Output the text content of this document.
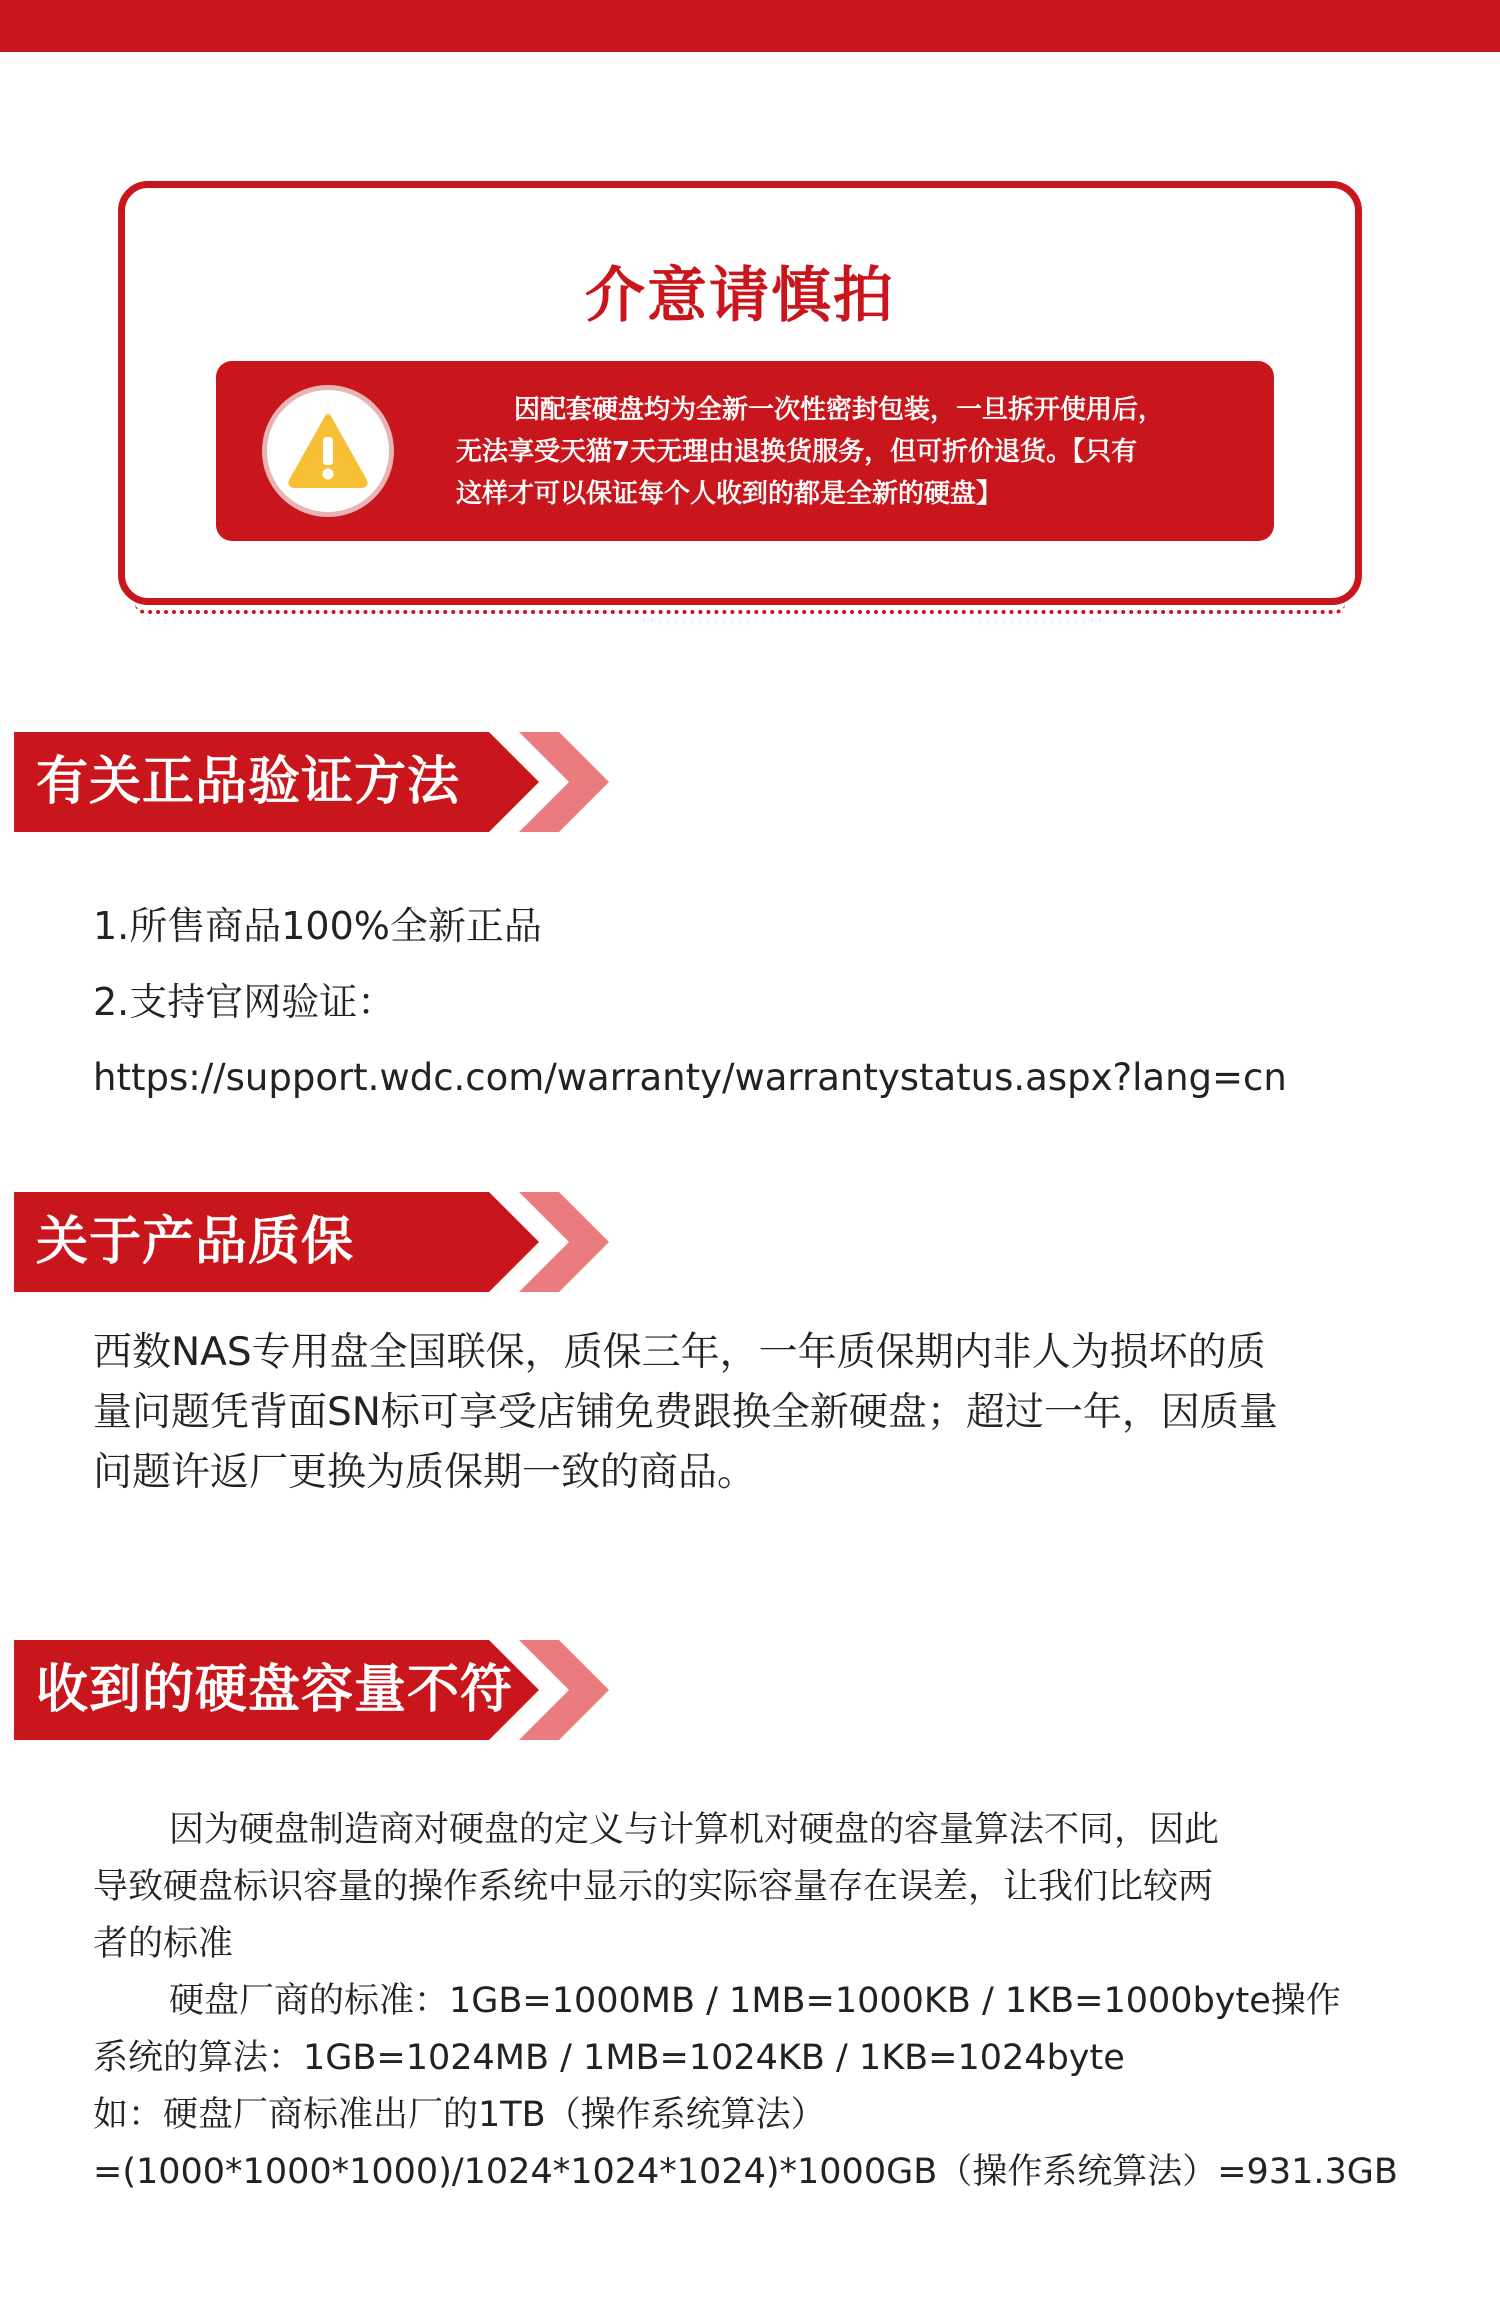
介意请慎拍

因配套硬盘均为全新一次性密封包装，一旦拆开使用后，

无法享受天猫7天无理由退换货服务，但可折价退货。【只有

这样才可以保证每个人收到的都是全新的硬盘】

有关正品验证方法

1.所售商品100%全新正品

2.支持官网验证：

https://support.wdc.com/warranty/warrantystatus.aspx?lang=cn

关于产品质保

西数NAS专用盘全国联保，质保三年，一年质保期内非人为损坏的质

量问题凭背面SN标可享受店铺免费跟换全新硬盘；超过一年，因质量

问题许返厂更换为质保期一致的商品。

收到的硬盘容量不符

因为硬盘制造商对硬盘的定义与计算机对硬盘的容量算法不同，因此

导致硬盘标识容量的操作系统中显示的实际容量存在误差，让我们比较两

者的标准

硬盘厂商的标准：1GB=1000MB / 1MB=1000KB / 1KB=1000byte操作

系统的算法：1GB=1024MB / 1MB=1024KB / 1KB=1024byte

如：硬盘厂商标准出厂的1TB（操作系统算法）

=(1000*1000*1000)/1024*1024*1024)*1000GB（操作系统算法）=931.3GB
